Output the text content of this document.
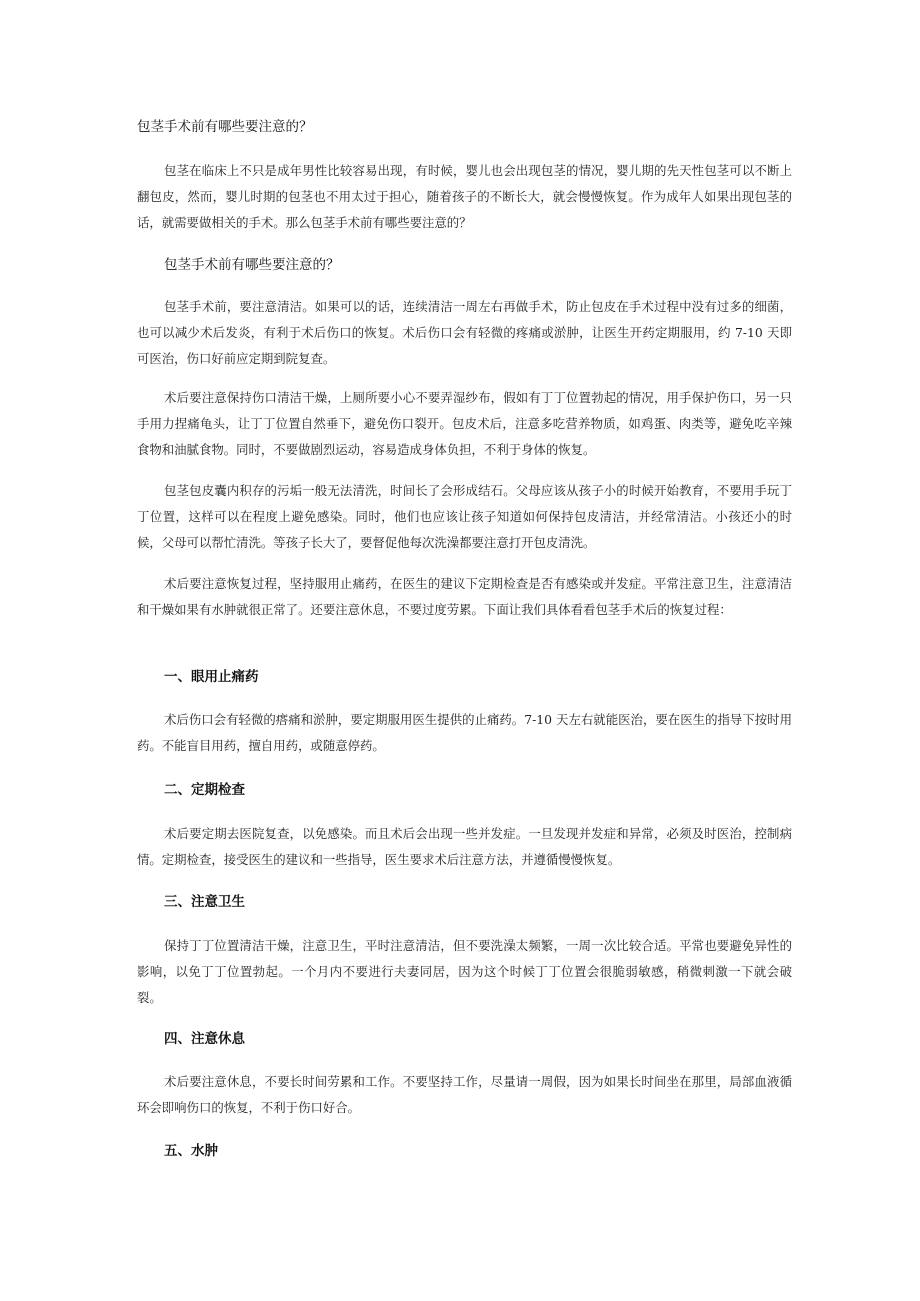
包茎手术前有哪些要注意的？

包茎在临床上不只是成年男性比较容易出现，有时候，婴儿也会出现包茎的情况，婴儿期的先天性包茎可以不断上翻包皮，然而，婴儿时期的包茎也不用太过于担心，随着孩子的不断长大，就会慢慢恢复。作为成年人如果出现包茎的话，就需要做相关的手术。那么包茎手术前有哪些要注意的？

包茎手术前有哪些要注意的？

包茎手术前，要注意清洁。如果可以的话，连续清洁一周左右再做手术，防止包皮在手术过程中没有过多的细菌，也可以减少术后发炎，有利于术后伤口的恢复。术后伤口会有轻微的疼痛或淤肿，让医生开药定期服用，约 7-10 天即可医治，伤口好前应定期到院复查。

术后要注意保持伤口清洁干燥，上厕所要小心不要弄湿纱布，假如有丁丁位置勃起的情况，用手保护伤口，另一只手用力捏痛龟头，让丁丁位置自然垂下，避免伤口裂开。包皮术后，注意多吃营养物质，如鸡蛋、肉类等，避免吃辛辣食物和油腻食物。同时，不要做剧烈运动，容易造成身体负担，不利于身体的恢复。

包茎包皮囊内积存的污垢一般无法清洗，时间长了会形成结石。父母应该从孩子小的时候开始教育，不要用手玩丁丁位置，这样可以在程度上避免感染。同时，他们也应该让孩子知道如何保持包皮清洁，并经常清洁。小孩还小的时候，父母可以帮忙清洗。等孩子长大了，要督促他每次洗澡都要注意打开包皮清洗。

术后要注意恢复过程，坚持服用止痛药，在医生的建议下定期检查是否有感染或并发症。平常注意卫生，注意清洁和干燥如果有水肿就很正常了。还要注意休息，不要过度劳累。下面让我们具体看看包茎手术后的恢复过程：

一、眼用止痛药

术后伤口会有轻微的瘩痛和淤肿，要定期服用医生提供的止痛药。7-10 天左右就能医治，要在医生的指导下按时用药。不能盲目用药，擅自用药，或随意停药。

二、定期检查

术后要定期去医院复查，以免感染。而且术后会出现一些并发症。一旦发现并发症和异常，必须及时医治，控制病情。定期检查，接受医生的建议和一些指导，医生要求术后注意方法，并遵循慢慢恢复。

三、注意卫生

保持丁丁位置清洁干燥，注意卫生，平时注意清洁，但不要洗澡太频繁，一周一次比较合适。平常也要避免异性的影响，以免丁丁位置勃起。一个月内不要进行夫妻同居，因为这个时候丁丁位置会很脆弱敏感，稍微刺激一下就会破裂。

四、注意休息

术后要注意休息，不要长时间劳累和工作。不要坚持工作，尽量请一周假，因为如果长时间坐在那里，局部血液循环会即响伤口的恢复，不利于伤口好合。

五、水肿
